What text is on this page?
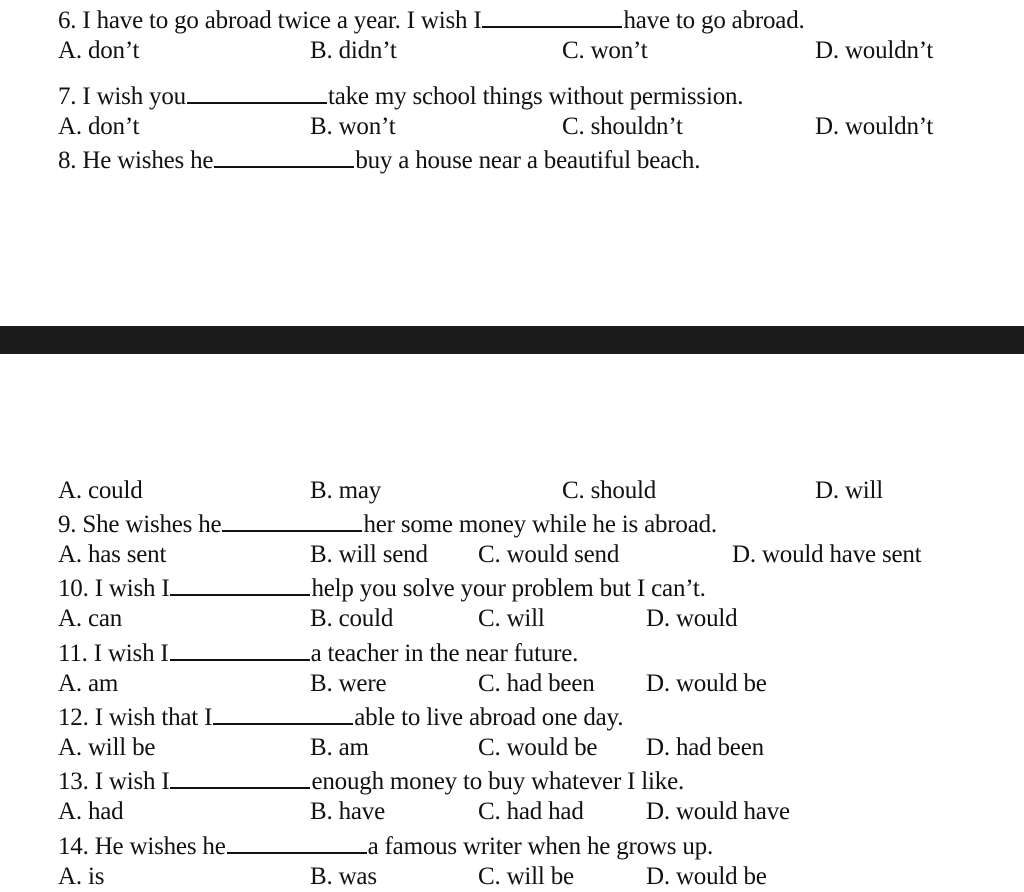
6. I have to go abroad twice a year. I wish I	have to go abroad.
A. don’t	B. didn’t	C. won’t	D. wouldn’t
7. I wish you	take my school things without permission.
A. don’t	B. won’t	C. shouldn’t	D. wouldn’t
8. He wishes he	buy a house near a beautiful beach.
A. could	B. may	C. should	D. will
9. She wishes he	her some money while he is abroad.
A. has sent	B. will send C. would send	D. would have sent
10. I wish I	help you solve your problem but I can’t.
A. can	B. could	C. will	D. would
11. I wish I	a teacher in the near future.
A. am	B. were	C. had been D. would be
12. I wish that I	able to live abroad one day.
A. will be	B. am	C. would be D. had been
13. I wish I	enough money to buy whatever I like.
A. had	B. have	C. had had D. would have
14. He wishes he	a famous writer when he grows up.
A. is	B. was	C. will be	D. would be
